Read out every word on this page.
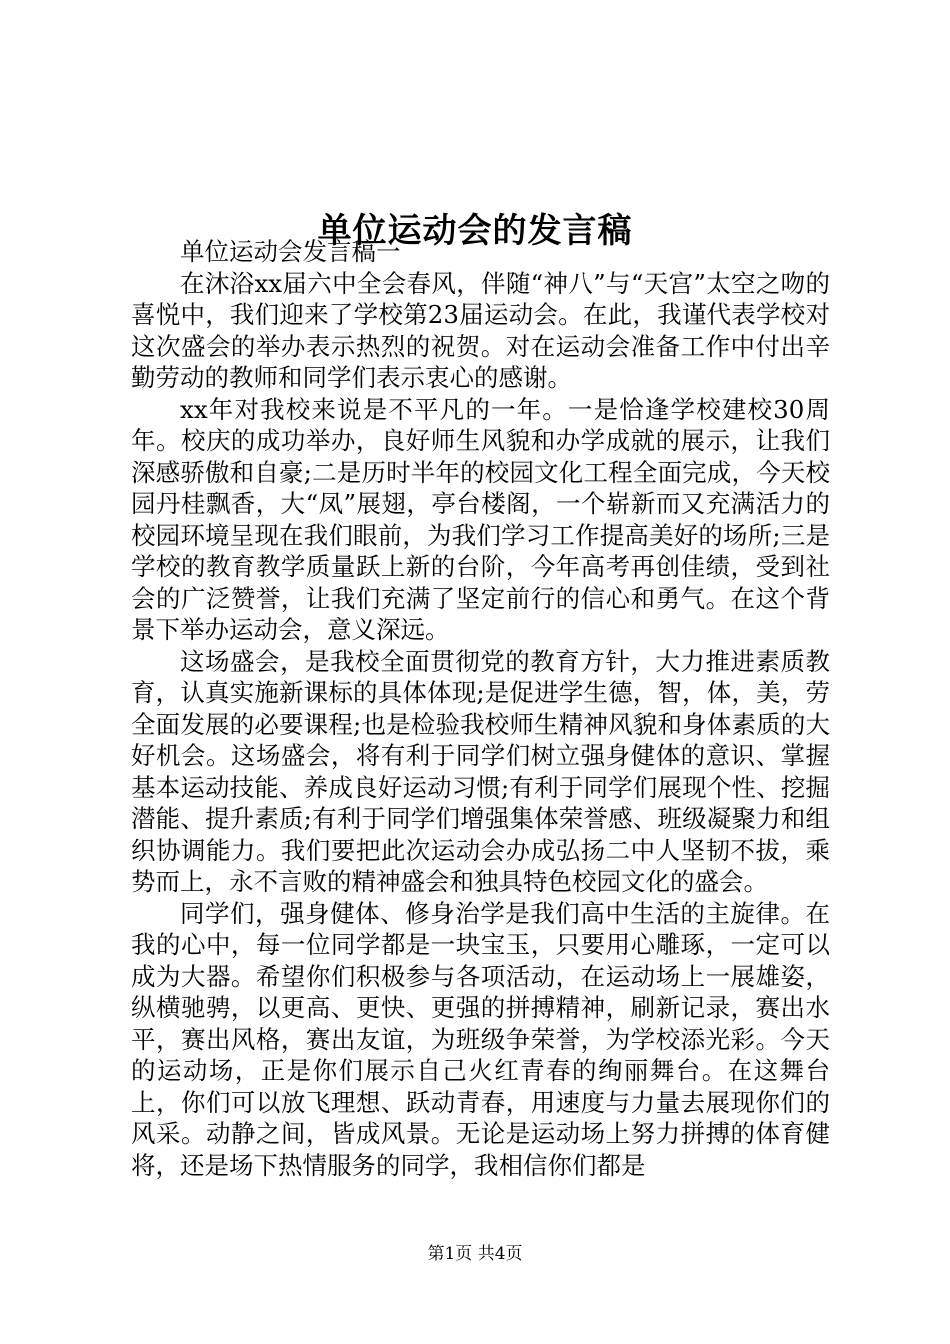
单位运动会的发言稿

单位运动会发言稿一

在沐浴xx届六中全会春风，伴随“神八”与“天宫”太空之吻的喜悦中，我们迎来了学校第23届运动会。在此，我谨代表学校对这次盛会的举办表示热烈的祝贺。对在运动会准备工作中付出辛勤劳动的教师和同学们表示衷心的感谢。

xx年对我校来说是不平凡的一年。一是恰逢学校建校30周年。校庆的成功举办，良好师生风貌和办学成就的展示，让我们深感骄傲和自豪;二是历时半年的校园文化工程全面完成，今天校园丹桂飘香，大“凤”展翅，亭台楼阁，一个崭新而又充满活力的校园环境呈现在我们眼前，为我们学习工作提高美好的场所;三是学校的教育教学质量跃上新的台阶，今年高考再创佳绩，受到社会的广泛赞誉，让我们充满了坚定前行的信心和勇气。在这个背景下举办运动会，意义深远。

这场盛会，是我校全面贯彻党的教育方针，大力推进素质教育，认真实施新课标的具体体现;是促进学生德，智，体，美，劳全面发展的必要课程;也是检验我校师生精神风貌和身体素质的大好机会。这场盛会，将有利于同学们树立强身健体的意识、掌握基本运动技能、养成良好运动习惯;有利于同学们展现个性、挖掘潜能、提升素质;有利于同学们增强集体荣誉感、班级凝聚力和组织协调能力。我们要把此次运动会办成弘扬二中人坚韧不拔，乘势而上，永不言败的精神盛会和独具特色校园文化的盛会。

同学们，强身健体、修身治学是我们高中生活的主旋律。在我的心中，每一位同学都是一块宝玉，只要用心雕琢，一定可以成为大器。希望你们积极参与各项活动，在运动场上一展雄姿，纵横驰骋，以更高、更快、更强的拼搏精神，刷新记录，赛出水平，赛出风格，赛出友谊，为班级争荣誉，为学校添光彩。今天的运动场，正是你们展示自己火红青春的绚丽舞台。在这舞台上，你们可以放飞理想、跃动青春，用速度与力量去展现你们的风采。动静之间，皆成风景。无论是运动场上努力拼搏的体育健将，还是场下热情服务的同学，我相信你们都是

第1页 共4页
